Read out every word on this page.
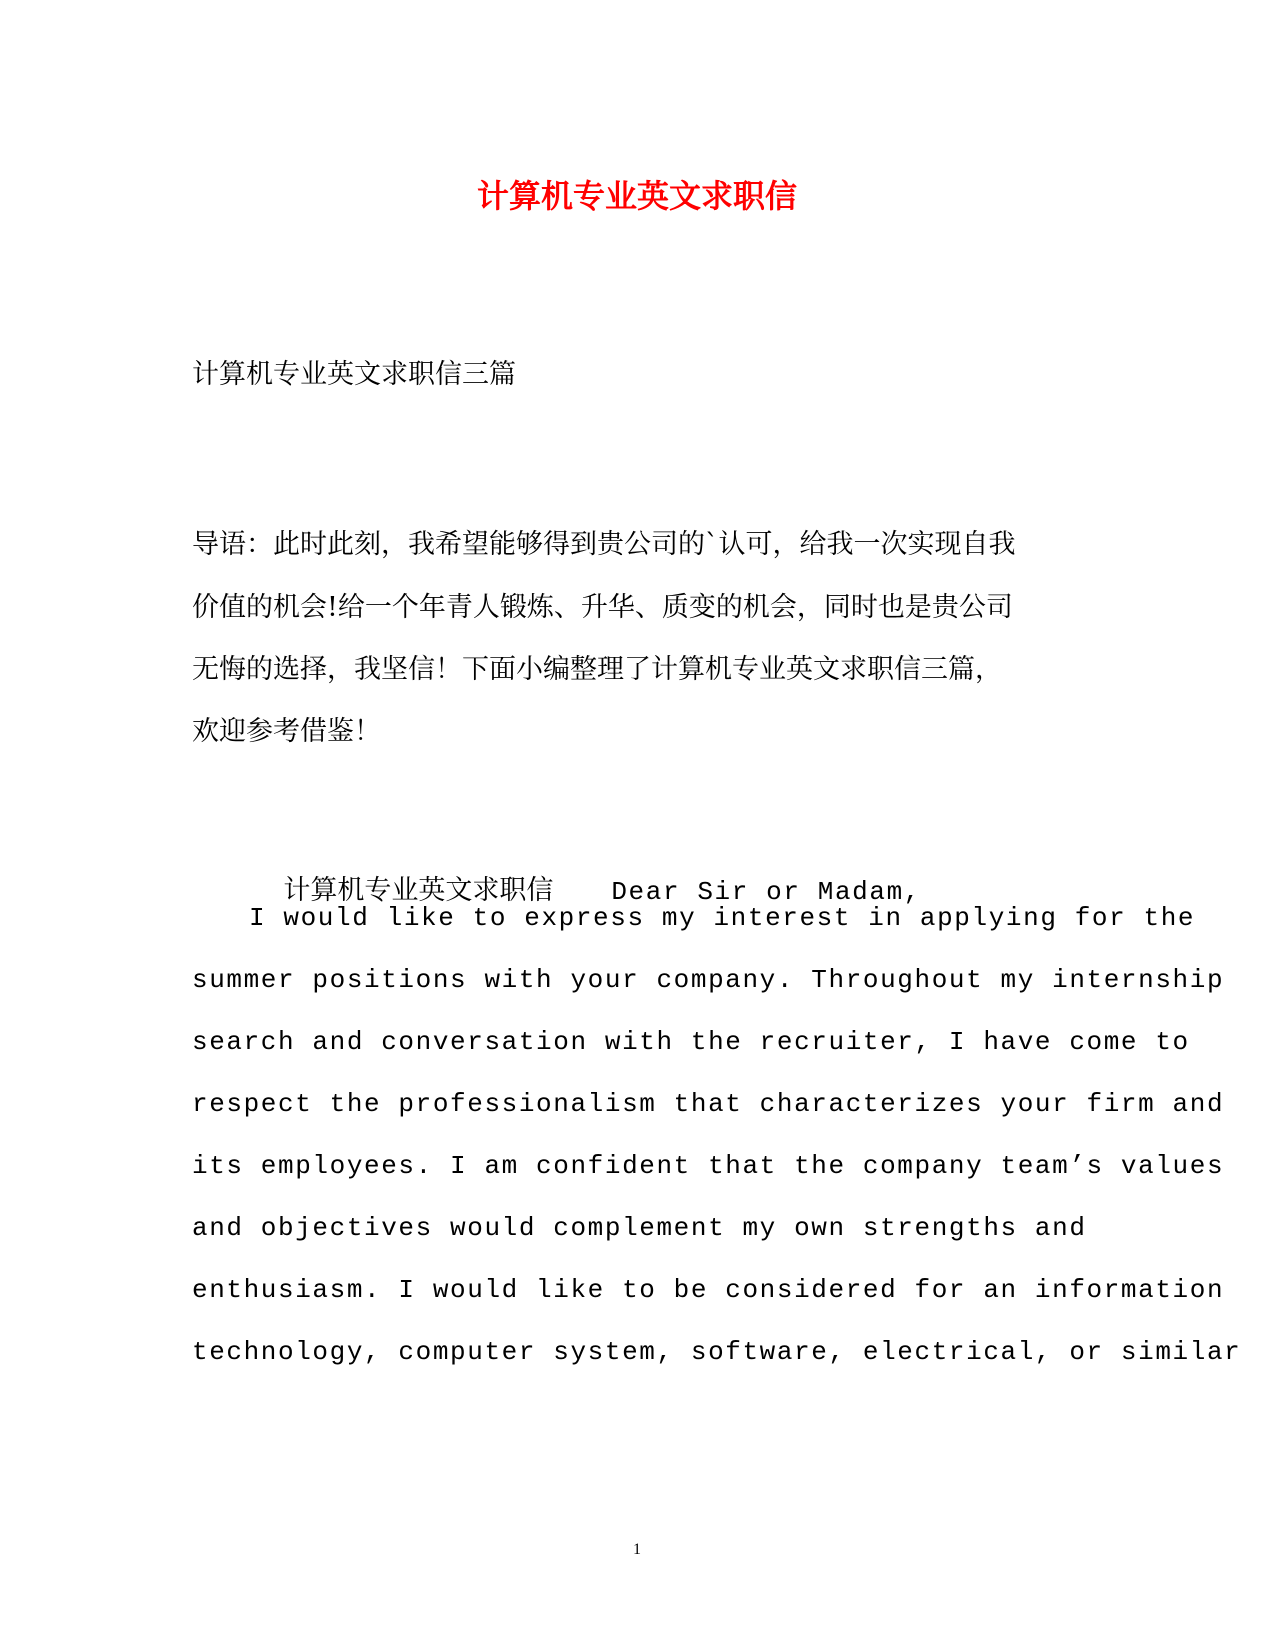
计算机专业英文求职信
计算机专业英文求职信三篇
导语：此时此刻，我希望能够得到贵公司的`认可，给我一次实现自我
价值的机会!给一个年青人锻炼、升华、质变的机会，同时也是贵公司
无悔的选择，我坚信！下面小编整理了计算机专业英文求职信三篇，
欢迎参考借鉴！

计算机专业英文求职信 Dear Sir or Madam,

I would like to express my interest in applying for the
summer positions with your company. Throughout my internship
search and conversation with the recruiter, I have come to
respect the professionalism that characterizes your firm and
its employees. I am confident that the company team’s values
and objectives would complement my own strengths and
enthusiasm. I would like to be considered for an information
technology, computer system, software, electrical, or similar
1
